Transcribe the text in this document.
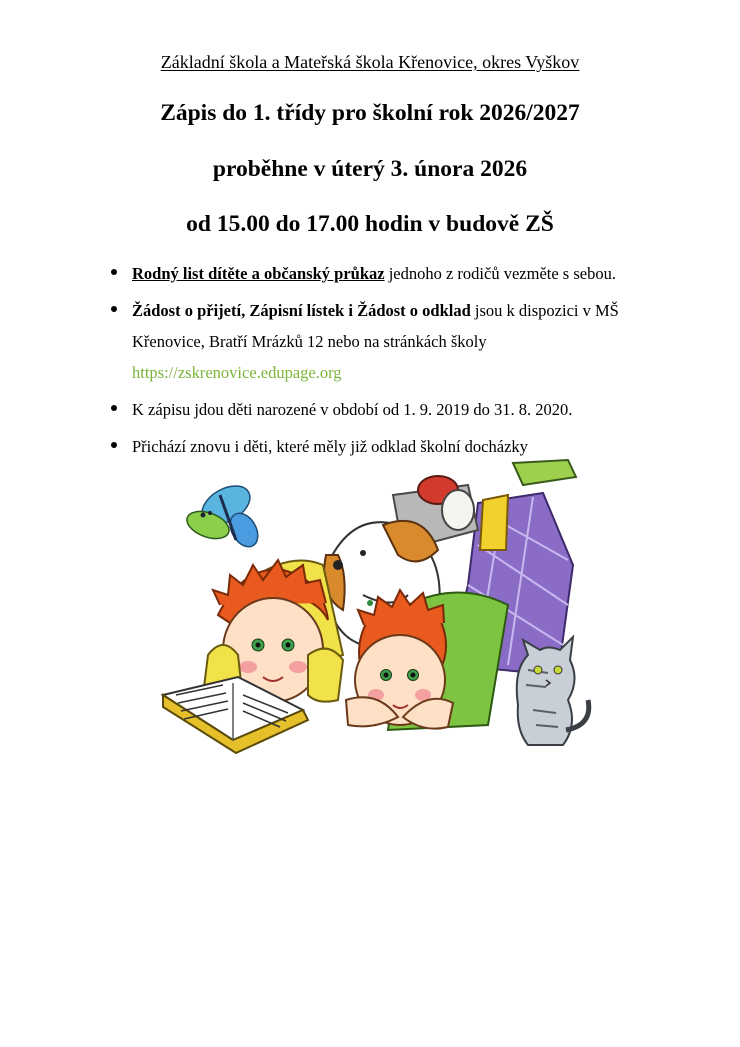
Základní škola a Mateřská škola Křenovice, okres Vyškov
Zápis do 1. třídy pro školní rok 2026/2027
proběhne v úterý 3. února 2026
od 15.00 do 17.00 hodin v budově ZŠ
Rodný list dítěte a občanský průkaz jednoho z rodičů vezměte s sebou.
Žádost o přijetí, Zápisní lístek i Žádost o odklad jsou k dispozici v MŠ Křenovice, Bratří Mrázků 12 nebo na stránkách školy https://zskrenovice.edupage.org
K zápisu jdou děti narozené v období od 1. 9. 2019 do 31. 8. 2020.
Přichází znovu i děti, které měly již odklad školní docházky
